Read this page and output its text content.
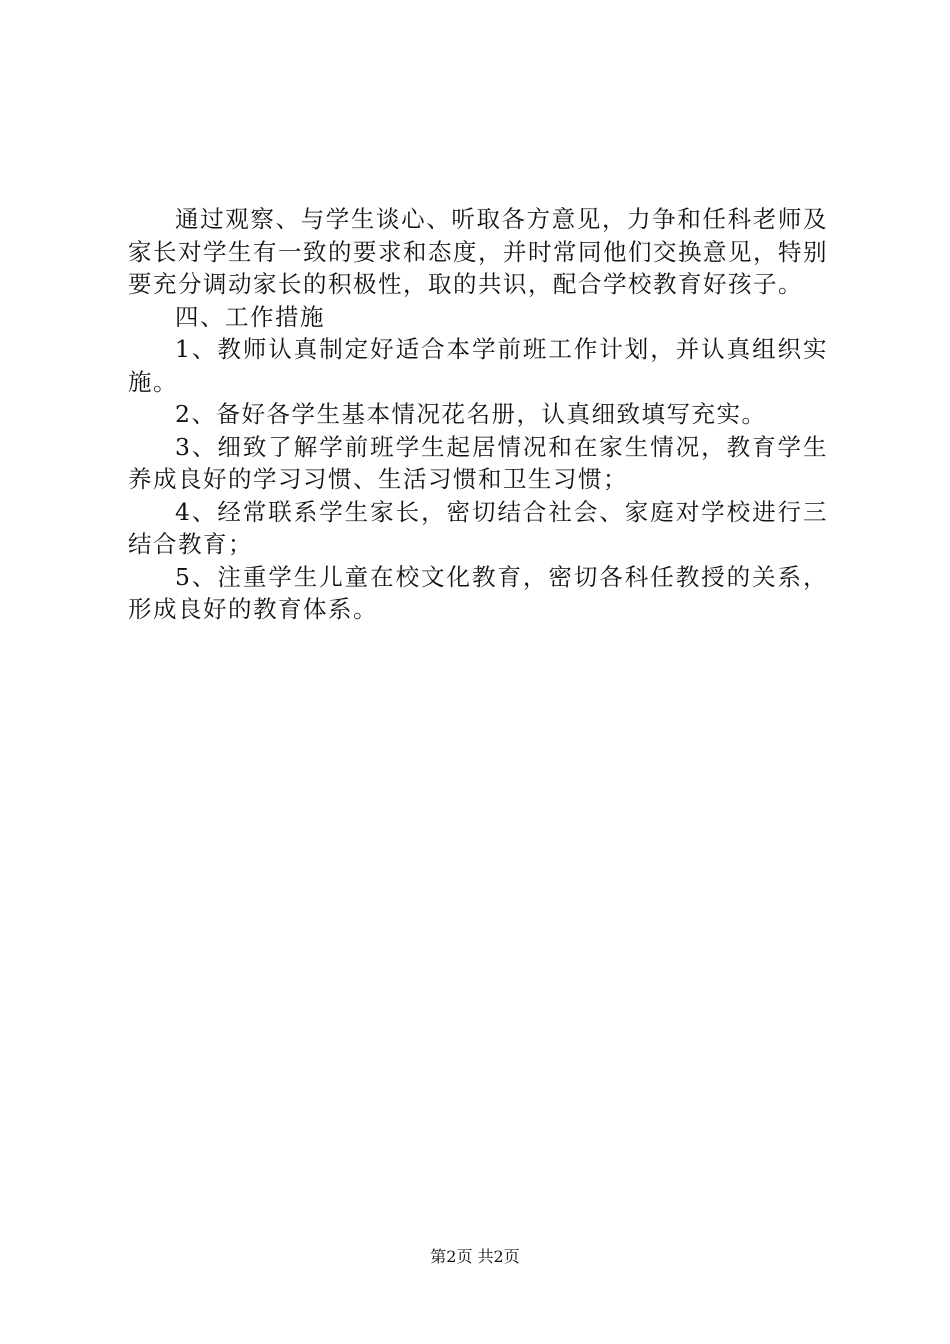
通过观察、与学生谈心、听取各方意见，力争和任科老师及家长对学生有一致的要求和态度，并时常同他们交换意见，特别要充分调动家长的积极性，取的共识，配合学校教育好孩子。

四、工作措施

1、教师认真制定好适合本学前班工作计划，并认真组织实施。

2、备好各学生基本情况花名册，认真细致填写充实。

3、细致了解学前班学生起居情况和在家生情况，教育学生养成良好的学习习惯、生活习惯和卫生习惯；

4、经常联系学生家长，密切结合社会、家庭对学校进行三结合教育；

5、注重学生儿童在校文化教育，密切各科任教授的关系，形成良好的教育体系。

第2页 共2页
